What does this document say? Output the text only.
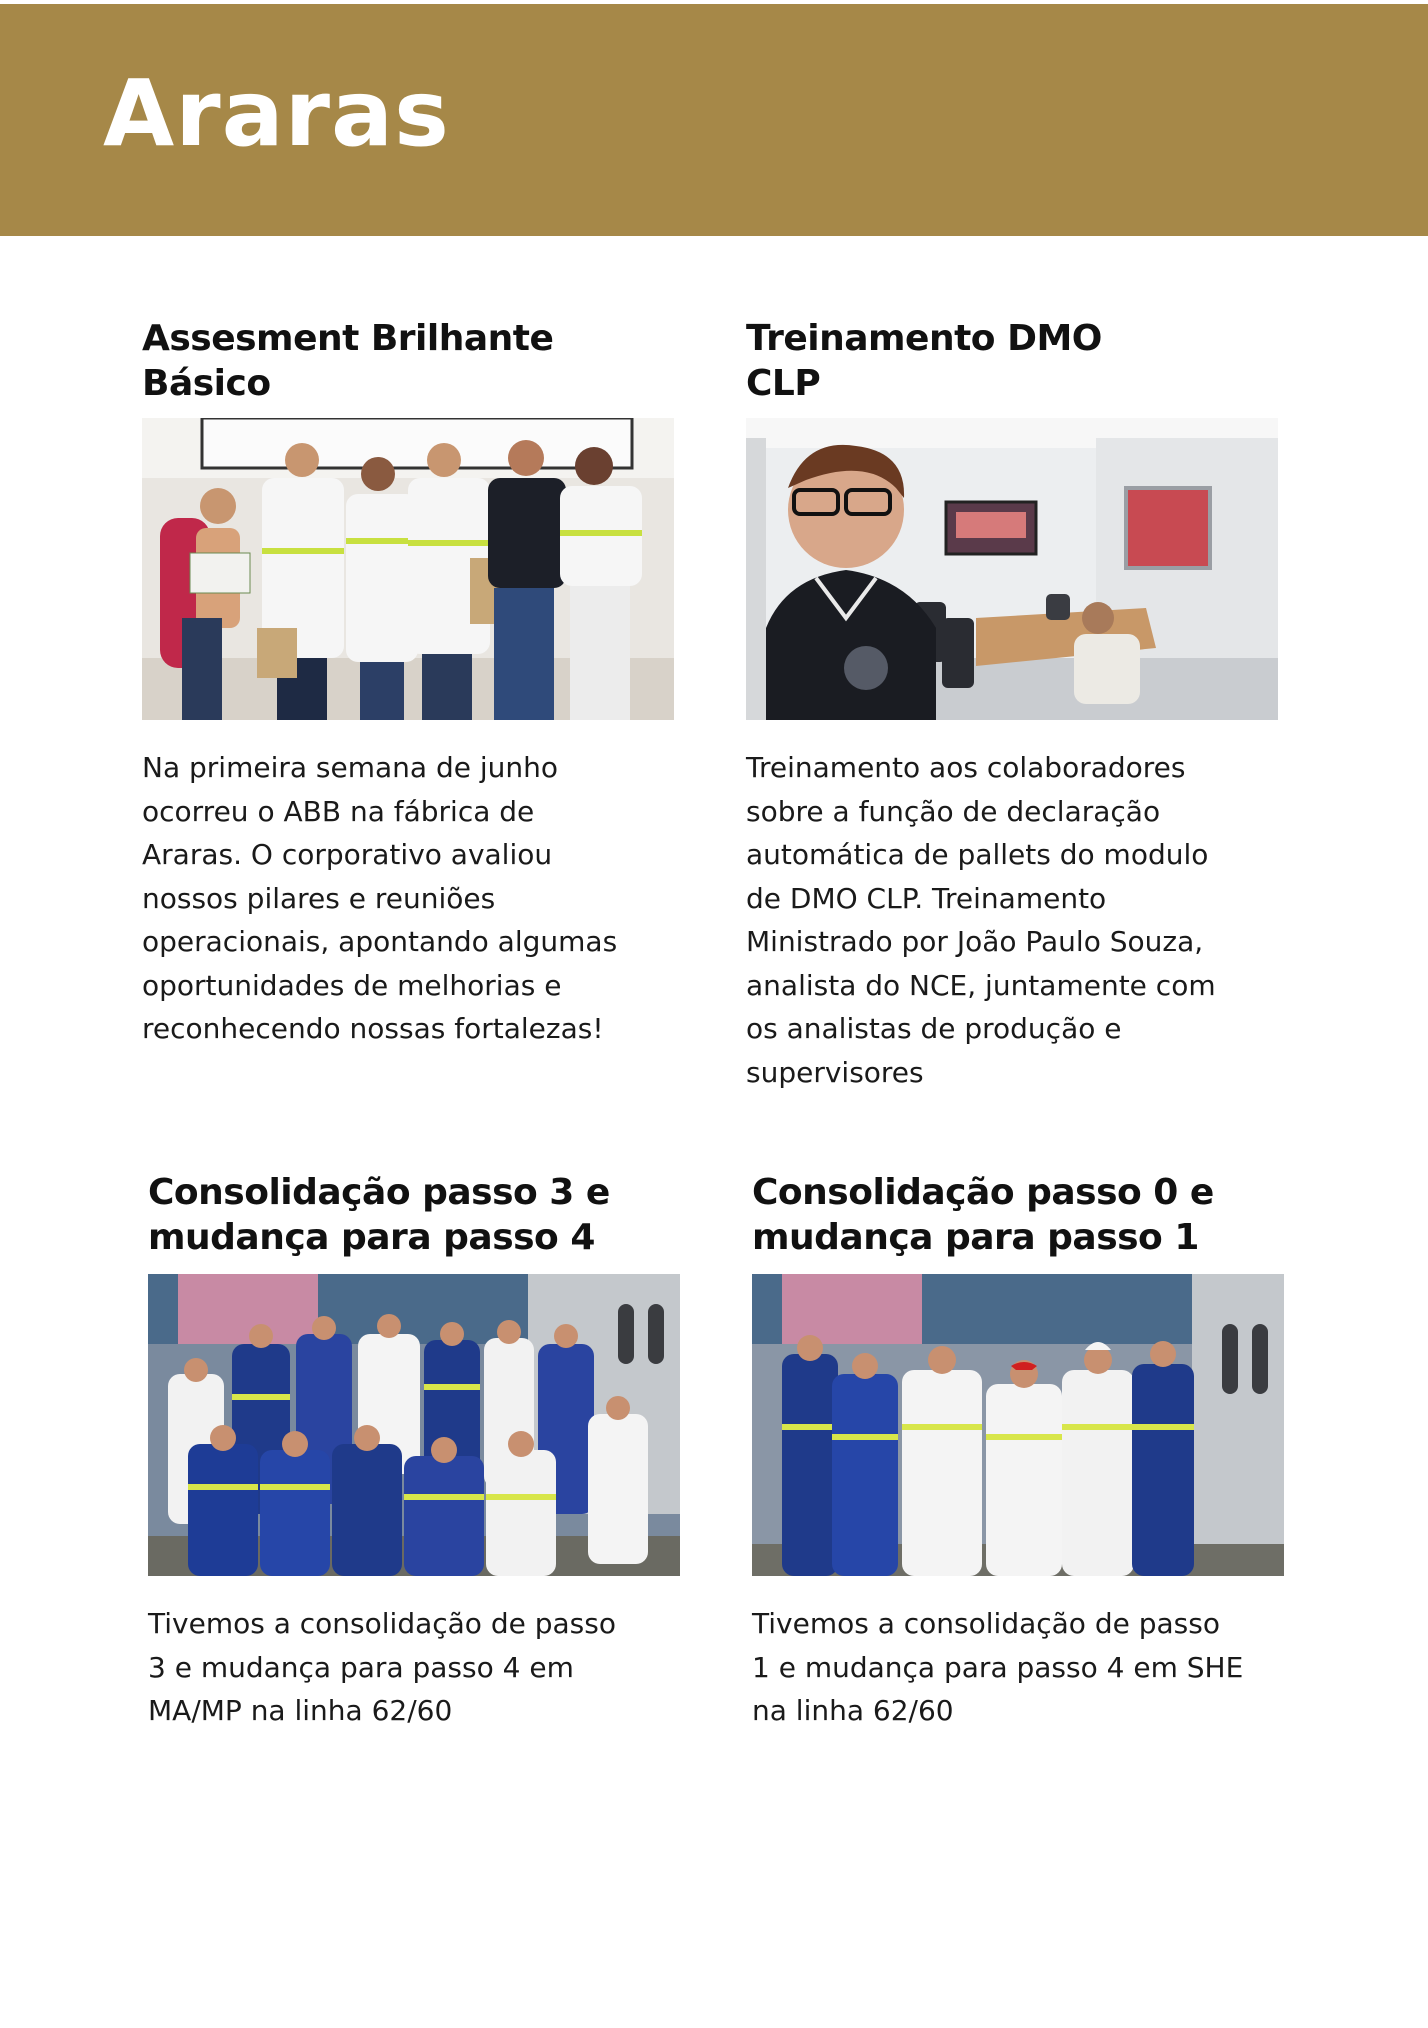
Araras
Assesment Brilhante
Básico
Na primeira semana de junho
ocorreu o ABB na fábrica de
Araras. O corporativo avaliou
nossos pilares e reuniões
operacionais, apontando algumas
oportunidades de melhorias e
reconhecendo nossas fortalezas!
Treinamento DMO
CLP
Treinamento aos colaboradores
sobre a função de declaração
automática de pallets do modulo
de DMO CLP. Treinamento
Ministrado por João Paulo Souza,
analista do NCE, juntamente com
os analistas de produção e
supervisores
Consolidação passo 3 e
mudança para passo 4
Tivemos a consolidação de passo
3 e mudança para passo 4 em
MA/MP na linha 62/60
Consolidação passo 0 e
mudança para passo 1
Tivemos a consolidação de passo
1 e mudança para passo 4 em SHE
na linha 62/60
